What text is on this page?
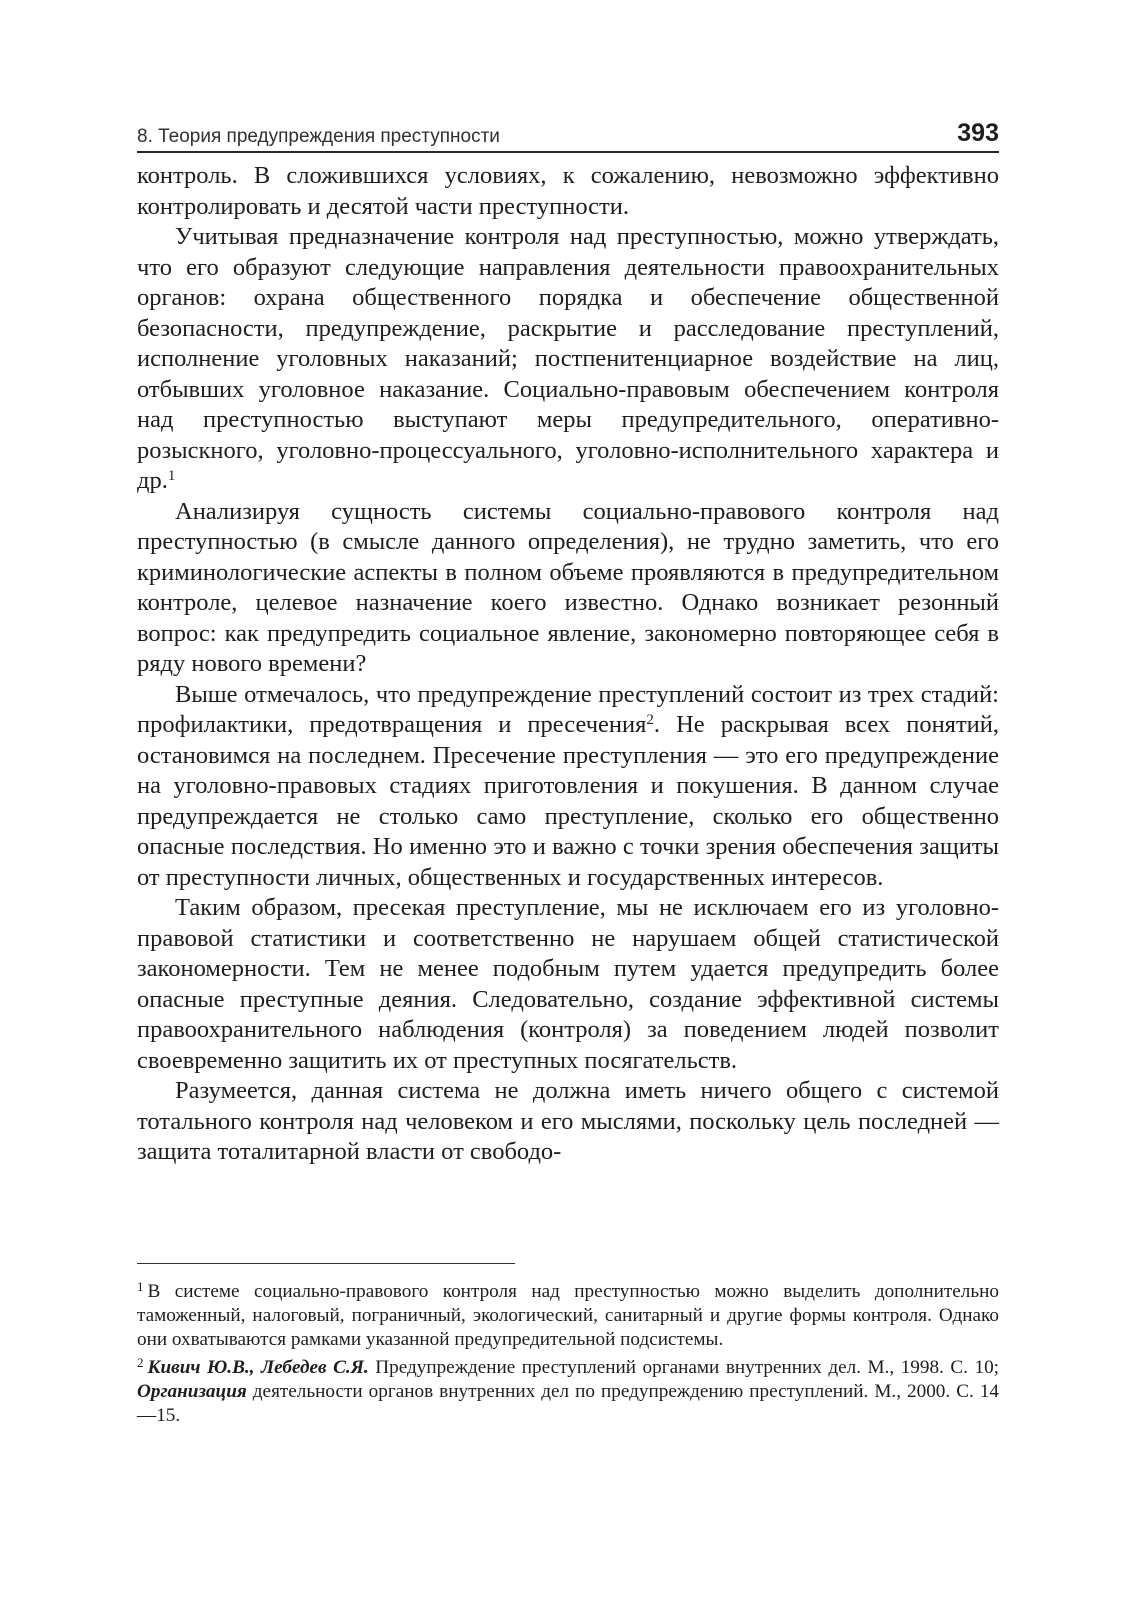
8. Теория предупреждения преступности	393

контроль. В сложившихся условиях, к сожалению, невозможно эффективно контролировать и десятой части преступности.

Учитывая предназначение контроля над преступностью, можно утверждать, что его образуют следующие направления деятельности правоохранительных органов: охрана общественного порядка и обеспечение общественной безопасности, предупреждение, раскрытие и расследование преступлений, исполнение уголовных наказаний; постпенитенциарное воздействие на лиц, отбывших уголовное наказание. Социально-правовым обеспечением контроля над преступностью выступают меры предупредительного, оперативно-розыскного, уголовно-процессуального, уголовно-исполнительного характера и др.$^1$

Анализируя сущность системы социально-правового контроля над преступностью (в смысле данного определения), не трудно заметить, что его криминологические аспекты в полном объеме проявляются в предупредительном контроле, целевое назначение коего известно. Однако возникает резонный вопрос: как предупредить социальное явление, закономерно повторяющее себя в ряду нового времени?

Выше отмечалось, что предупреждение преступлений состоит из трех стадий: профилактики, предотвращения и пресечения$^2$. Не раскрывая всех понятий, остановимся на последнем. Пресечение преступления — это его предупреждение на уголовно-правовых стадиях приготовления и покушения. В данном случае предупреждается не столько само преступление, сколько его общественно опасные последствия. Но именно это и важно с точки зрения обеспечения защиты от преступности личных, общественных и государственных интересов.

Таким образом, пресекая преступление, мы не исключаем его из уголовно-правовой статистики и соответственно не нарушаем общей статистической закономерности. Тем не менее подобным путем удается предупредить более опасные преступные деяния. Следовательно, создание эффективной системы правоохранительного наблюдения (контроля) за поведением людей позволит своевременно защитить их от преступных посягательств.

Разумеется, данная система не должна иметь ничего общего с системой тотального контроля над человеком и его мыслями, поскольку цель последней — защита тоталитарной власти от свободо-

$^1$ В системе социально-правового контроля над преступностью можно выделить дополнительно таможенный, налоговый, пограничный, экологический, санитарный и другие формы контроля. Однако они охватываются рамками указанной предупредительной подсистемы.

$^2$ Кивич Ю.В., Лебедев С.Я. Предупреждение преступлений органами внутренних дел. М., 1998. С. 10; Организация деятельности органов внутренних дел по предупреждению преступлений. М., 2000. С. 14—15.
